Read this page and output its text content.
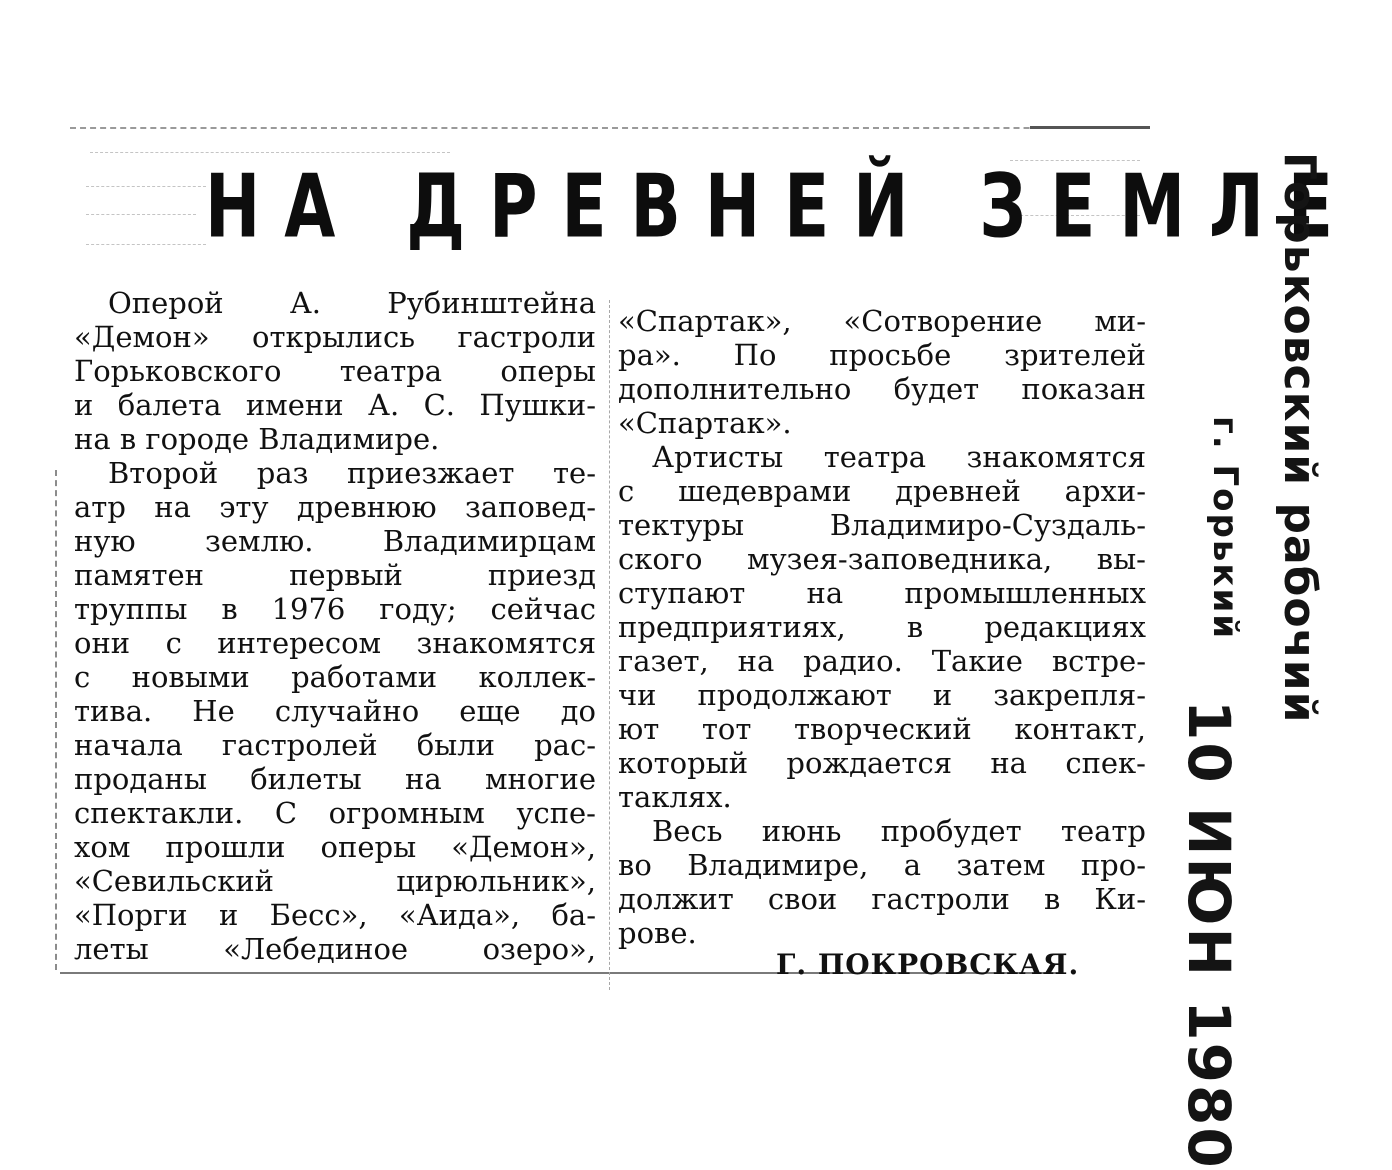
НА ДРЕВНЕЙ ЗЕМЛЕ
Оперой А. Рубинштейна
«Демон» открылись гастроли
Горьковского театра оперы
и балета имени А. С. Пушки-
на в городе Владимире.
Второй раз приезжает те-
атр на эту древнюю заповед-
ную землю. Владимирцам
памятен первый приезд
труппы в 1976 году; сейчас
они с интересом знакомятся
с новыми работами коллек-
тива. Не случайно еще до
начала гастролей были рас-
проданы билеты на многие
спектакли. С огромным успе-
хом прошли оперы «Демон»,
«Севильский цирюльник»,
«Порги и Бесс», «Аида», ба-
леты «Лебединое озеро»,
«Спартак», «Сотворение ми-
ра». По просьбе зрителей
дополнительно будет показан
«Спартак».
Артисты театра знакомятся
с шедеврами древней архи-
тектуры Владимиро-Суздаль-
ского музея-заповедника, вы-
ступают на промышленных
предприятиях, в редакциях
газет, на радио. Такие встре-
чи продолжают и закрепля-
ют тот творческий контакт,
который рождается на спек-
таклях.
Весь июнь пробудет театр
во Владимире, а затем про-
должит свои гастроли в Ки-
рове.
Г. ПОКРОВСКАЯ.
Горьковский рабочий
г. Горький
10 ИЮН 1980
